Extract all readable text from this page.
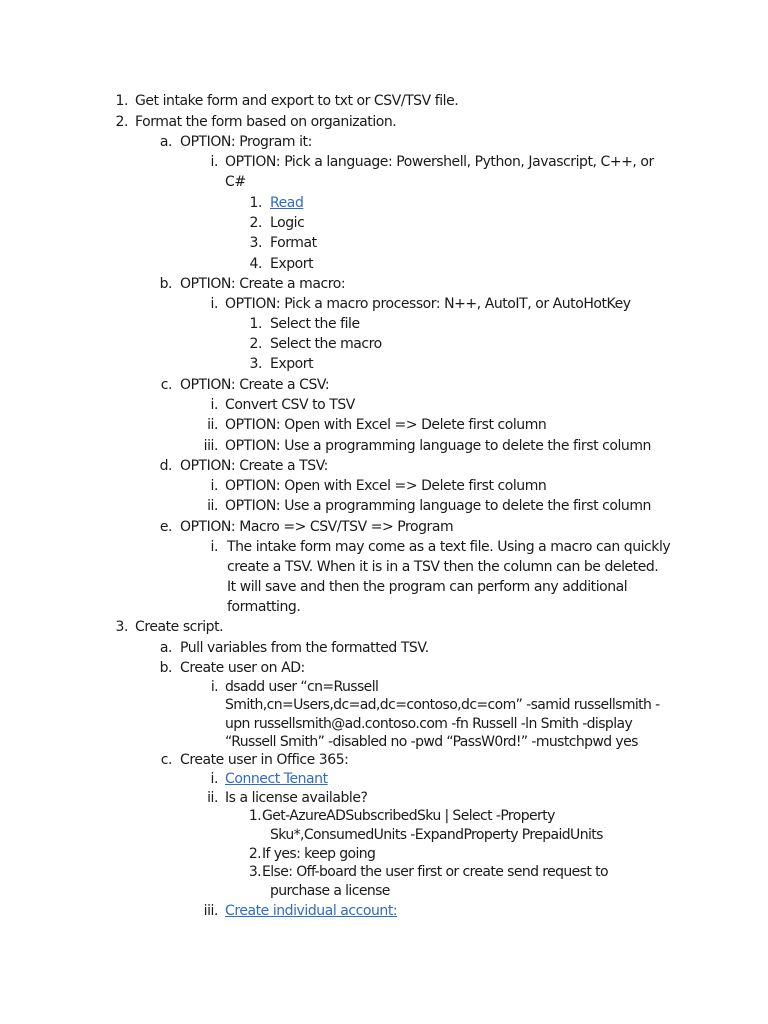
1. Get intake form and export to txt or CSV/TSV file.
2. Format the form based on organization.
a. OPTION: Program it:
i. OPTION: Pick a language: Powershell, Python, Javascript, C++, or
C#
1. Read
2. Logic
3. Format
4. Export
b. OPTION: Create a macro:
i. OPTION: Pick a macro processor: N++, AutoIT, or AutoHotKey
1. Select the file
2. Select the macro
3. Export
c. OPTION: Create a CSV:
i. Convert CSV to TSV
ii. OPTION: Open with Excel => Delete first column
iii. OPTION: Use a programming language to delete the first column
d. OPTION: Create a TSV:
i. OPTION: Open with Excel => Delete first column
ii. OPTION: Use a programming language to delete the first column
e. OPTION: Macro => CSV/TSV => Program
i. The intake form may come as a text file. Using a macro can quickly
create a TSV. When it is in a TSV then the column can be deleted.
It will save and then the program can perform any additional
formatting.
3. Create script.
a. Pull variables from the formatted TSV.
b. Create user on AD:
i. dsadd user “cn=Russell
Smith,cn=Users,dc=ad,dc=contoso,dc=com” -samid russellsmith -
upn russellsmith@ad.contoso.com -fn Russell -ln Smith -display
“Russell Smith” -disabled no -pwd “PassW0rd!” -mustchpwd yes
c. Create user in Office 365:
i. Connect Tenant
ii. Is a license available?
1. Get-AzureADSubscribedSku | Select -Property
Sku*,ConsumedUnits -ExpandProperty PrepaidUnits
2. If yes: keep going
3. Else: Off-board the user first or create send request to
purchase a license
iii. Create individual account:
